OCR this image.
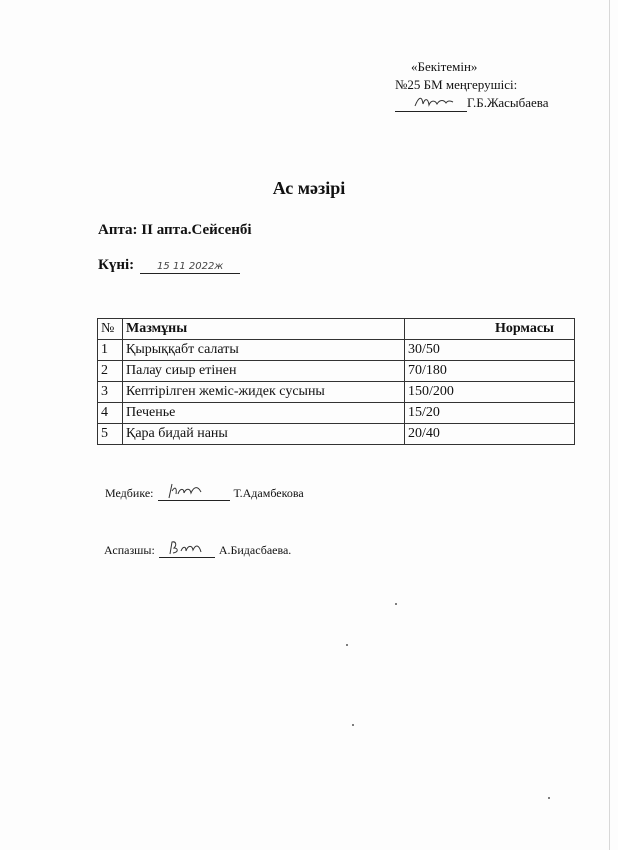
«Бекітемін»
№25 БМ меңгерушісі:
Г.Б.Жасыбаева
Ас мәзірі
Апта: ІІ апта.Сейсенбі
Күні:	15 11 2022ж
№	Мазмұны	Нормасы
1	Қырыққабт салаты	30/50
2	Палау сиыр етінен	70/180
3	Кептірілген жеміс-жидек сусыны	150/200
4	Печенье	15/20
5	Қара бидай наны	20/40
Медбике:	Т.Адамбекова
Аспазшы:	А.Бидасбаева.
